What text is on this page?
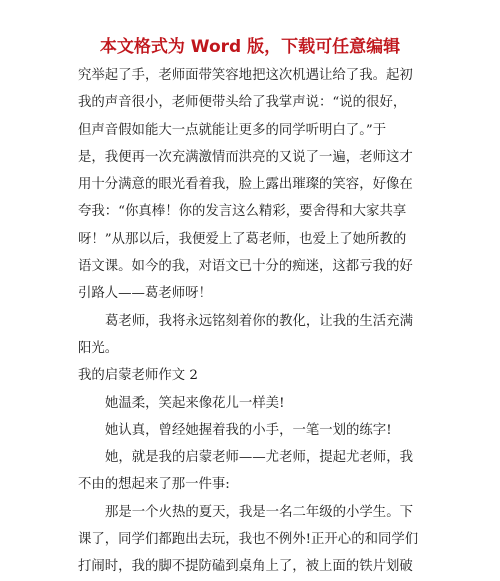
本文格式为 Word 版，下载可任意编辑
究举起了手，老师面带笑容地把这次机遇让给了我。起初
我的声音很小，老师便带头给了我掌声说：“说的很好，
但声音假如能大一点就能让更多的同学听明白了。”于
是，我便再一次充满激情而洪亮的又说了一遍，老师这才
用十分满意的眼光看着我，脸上露出璀璨的笑容，好像在
夸我：“你真棒！你的发言这么精彩，要舍得和大家共享
呀！”从那以后，我便爱上了葛老师，也爱上了她所教的
语文课。如今的我，对语文已十分的痴迷，这都亏我的好
引路人——葛老师呀！
葛老师，我将永远铭刻着你的教化，让我的生活充满
阳光。
我的启蒙老师作文 2
她温柔，笑起来像花儿一样美!
她认真，曾经她握着我的小手，一笔一划的练字!
她，就是我的启蒙老师——尤老师，提起尤老师，我
不由的想起来了那一件事:
那是一个火热的夏天，我是一名二年级的小学生。下
课了，同学们都跑出去玩，我也不例外!正开心的和同学们
打闹时，我的脚不提防磕到桌角上了，被上面的铁片划破
